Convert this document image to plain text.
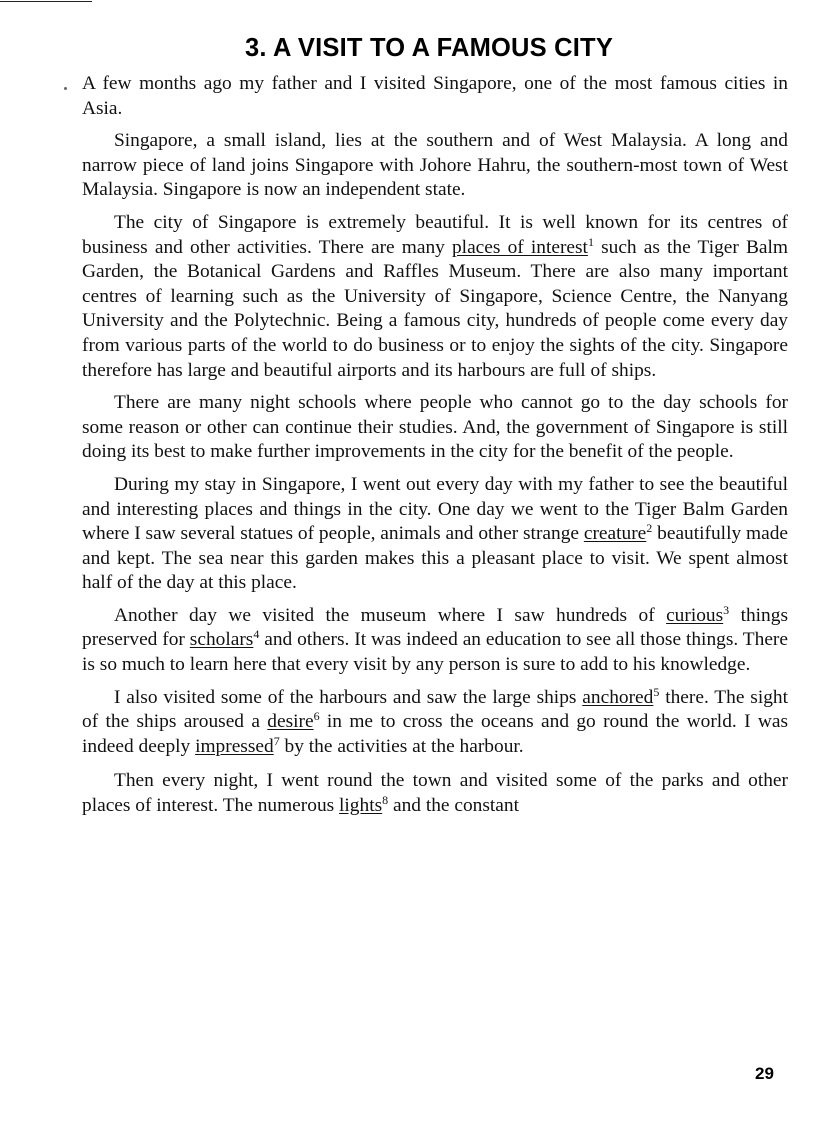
3. A VISIT TO A FAMOUS CITY

A few months ago my father and I visited Singapore, one of the most famous cities in Asia.

Singapore, a small island, lies at the southern and of West Malaysia. A long and narrow piece of land joins Singapore with Johore Hahru, the southern-most town of West Malaysia. Singapore is now an independent state.

The city of Singapore is extremely beautiful. It is well known for its centres of business and other activities. There are many places of interest$^1$ such as the Tiger Balm Garden, the Botanical Gardens and Raffles Museum. There are also many important centres of learning such as the University of Singapore, Science Centre, the Nanyang University and the Polytechnic. Being a famous city, hundreds of people come every day from various parts of the world to do business or to enjoy the sights of the city. Singapore therefore has large and beautiful airports and its harbours are full of ships.

There are many night schools where people who cannot go to the day schools for some reason or other can continue their studies. And, the government of Singapore is still doing its best to make further improvements in the city for the benefit of the people.

During my stay in Singapore, I went out every day with my father to see the beautiful and interesting places and things in the city. One day we went to the Tiger Balm Garden where I saw several statues of people, animals and other strange creature$^2$ beautifully made and kept. The sea near this garden makes this a pleasant place to visit. We spent almost half of the day at this place.

Another day we visited the museum where I saw hundreds of curious$^3$ things preserved for scholars$^4$ and others. It was indeed an education to see all those things. There is so much to learn here that every visit by any person is sure to add to his knowledge.

I also visited some of the harbours and saw the large ships anchored$^5$ there. The sight of the ships aroused a desire$^6$ in me to cross the oceans and go round the world. I was indeed deeply impressed$^7$ by the activities at the harbour.

Then every night, I went round the town and visited some of the parks and other places of interest. The numerous lights$^8$ and the constant

29
